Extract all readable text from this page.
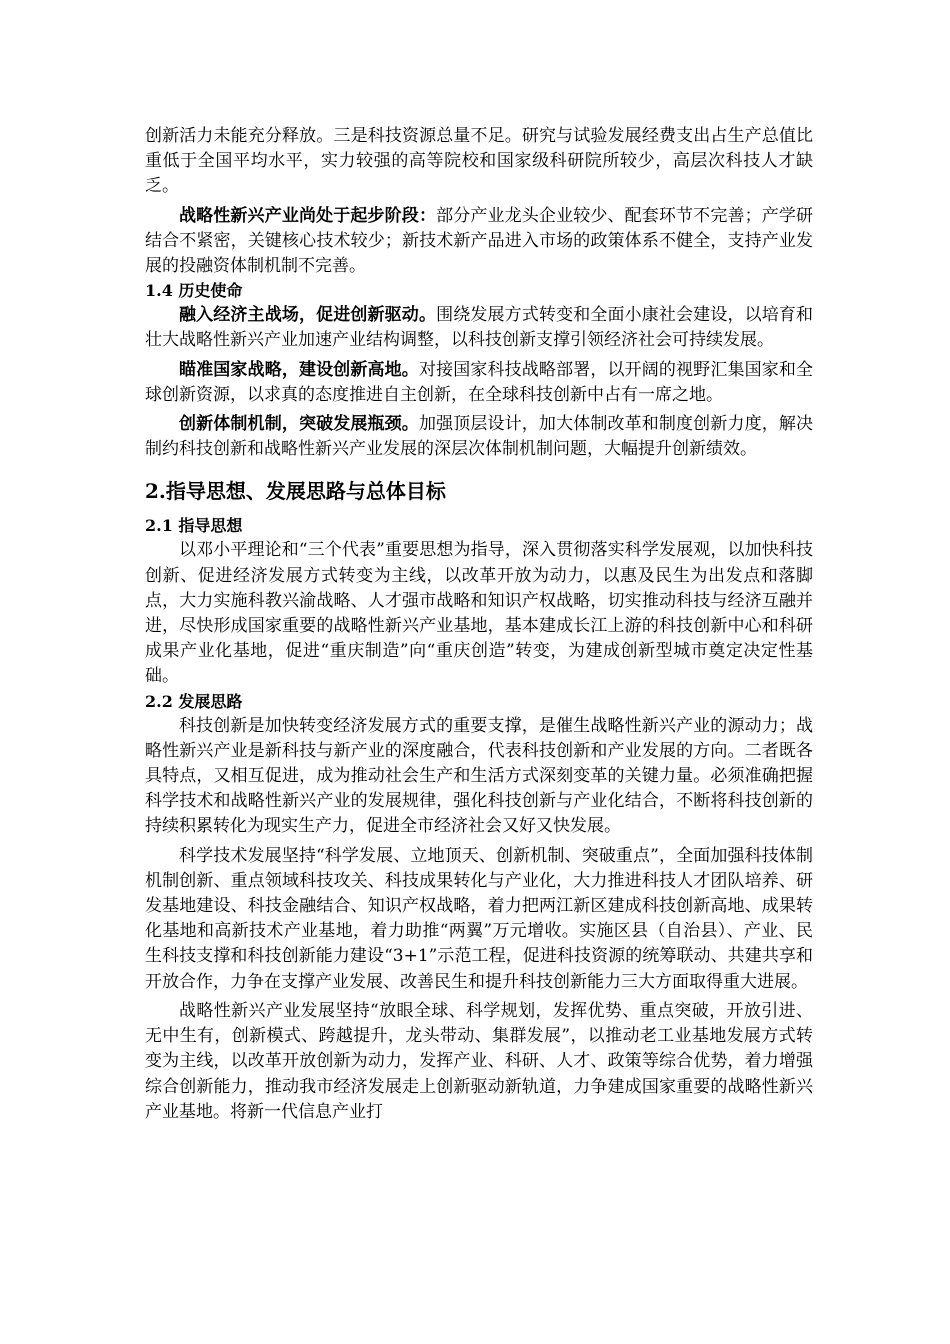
创新活力未能充分释放。三是科技资源总量不足。研究与试验发展经费支出占生产总值比重低于全国平均水平，实力较强的高等院校和国家级科研院所较少，高层次科技人才缺乏。

战略性新兴产业尚处于起步阶段：部分产业龙头企业较少、配套环节不完善；产学研结合不紧密，关键核心技术较少；新技术新产品进入市场的政策体系不健全，支持产业发展的投融资体制机制不完善。

1.4 历史使命

融入经济主战场，促进创新驱动。围绕发展方式转变和全面小康社会建设，以培育和壮大战略性新兴产业加速产业结构调整，以科技创新支撑引领经济社会可持续发展。

瞄准国家战略，建设创新高地。对接国家科技战略部署，以开阔的视野汇集国家和全球创新资源，以求真的态度推进自主创新，在全球科技创新中占有一席之地。

创新体制机制，突破发展瓶颈。加强顶层设计，加大体制改革和制度创新力度，解决制约科技创新和战略性新兴产业发展的深层次体制机制问题，大幅提升创新绩效。

2.指导思想、发展思路与总体目标

2.1 指导思想

以邓小平理论和“三个代表”重要思想为指导，深入贯彻落实科学发展观，以加快科技创新、促进经济发展方式转变为主线，以改革开放为动力，以惠及民生为出发点和落脚点，大力实施科教兴渝战略、人才强市战略和知识产权战略，切实推动科技与经济互融并进，尽快形成国家重要的战略性新兴产业基地，基本建成长江上游的科技创新中心和科研成果产业化基地，促进“重庆制造”向“重庆创造”转变，为建成创新型城市奠定决定性基础。

2.2 发展思路

科技创新是加快转变经济发展方式的重要支撑，是催生战略性新兴产业的源动力；战略性新兴产业是新科技与新产业的深度融合，代表科技创新和产业发展的方向。二者既各具特点，又相互促进，成为推动社会生产和生活方式深刻变革的关键力量。必须准确把握科学技术和战略性新兴产业的发展规律，强化科技创新与产业化结合，不断将科技创新的持续积累转化为现实生产力，促进全市经济社会又好又快发展。

科学技术发展坚持“科学发展、立地顶天、创新机制、突破重点”，全面加强科技体制机制创新、重点领域科技攻关、科技成果转化与产业化，大力推进科技人才团队培养、研发基地建设、科技金融结合、知识产权战略，着力把两江新区建成科技创新高地、成果转化基地和高新技术产业基地，着力助推“两翼”万元增收。实施区县（自治县）、产业、民生科技支撑和科技创新能力建设“3+1”示范工程，促进科技资源的统筹联动、共建共享和开放合作，力争在支撑产业发展、改善民生和提升科技创新能力三大方面取得重大进展。

战略性新兴产业发展坚持“放眼全球、科学规划，发挥优势、重点突破，开放引进、无中生有，创新模式、跨越提升，龙头带动、集群发展”，以推动老工业基地发展方式转变为主线，以改革开放创新为动力，发挥产业、科研、人才、政策等综合优势，着力增强综合创新能力，推动我市经济发展走上创新驱动新轨道，力争建成国家重要的战略性新兴产业基地。将新一代信息产业打
